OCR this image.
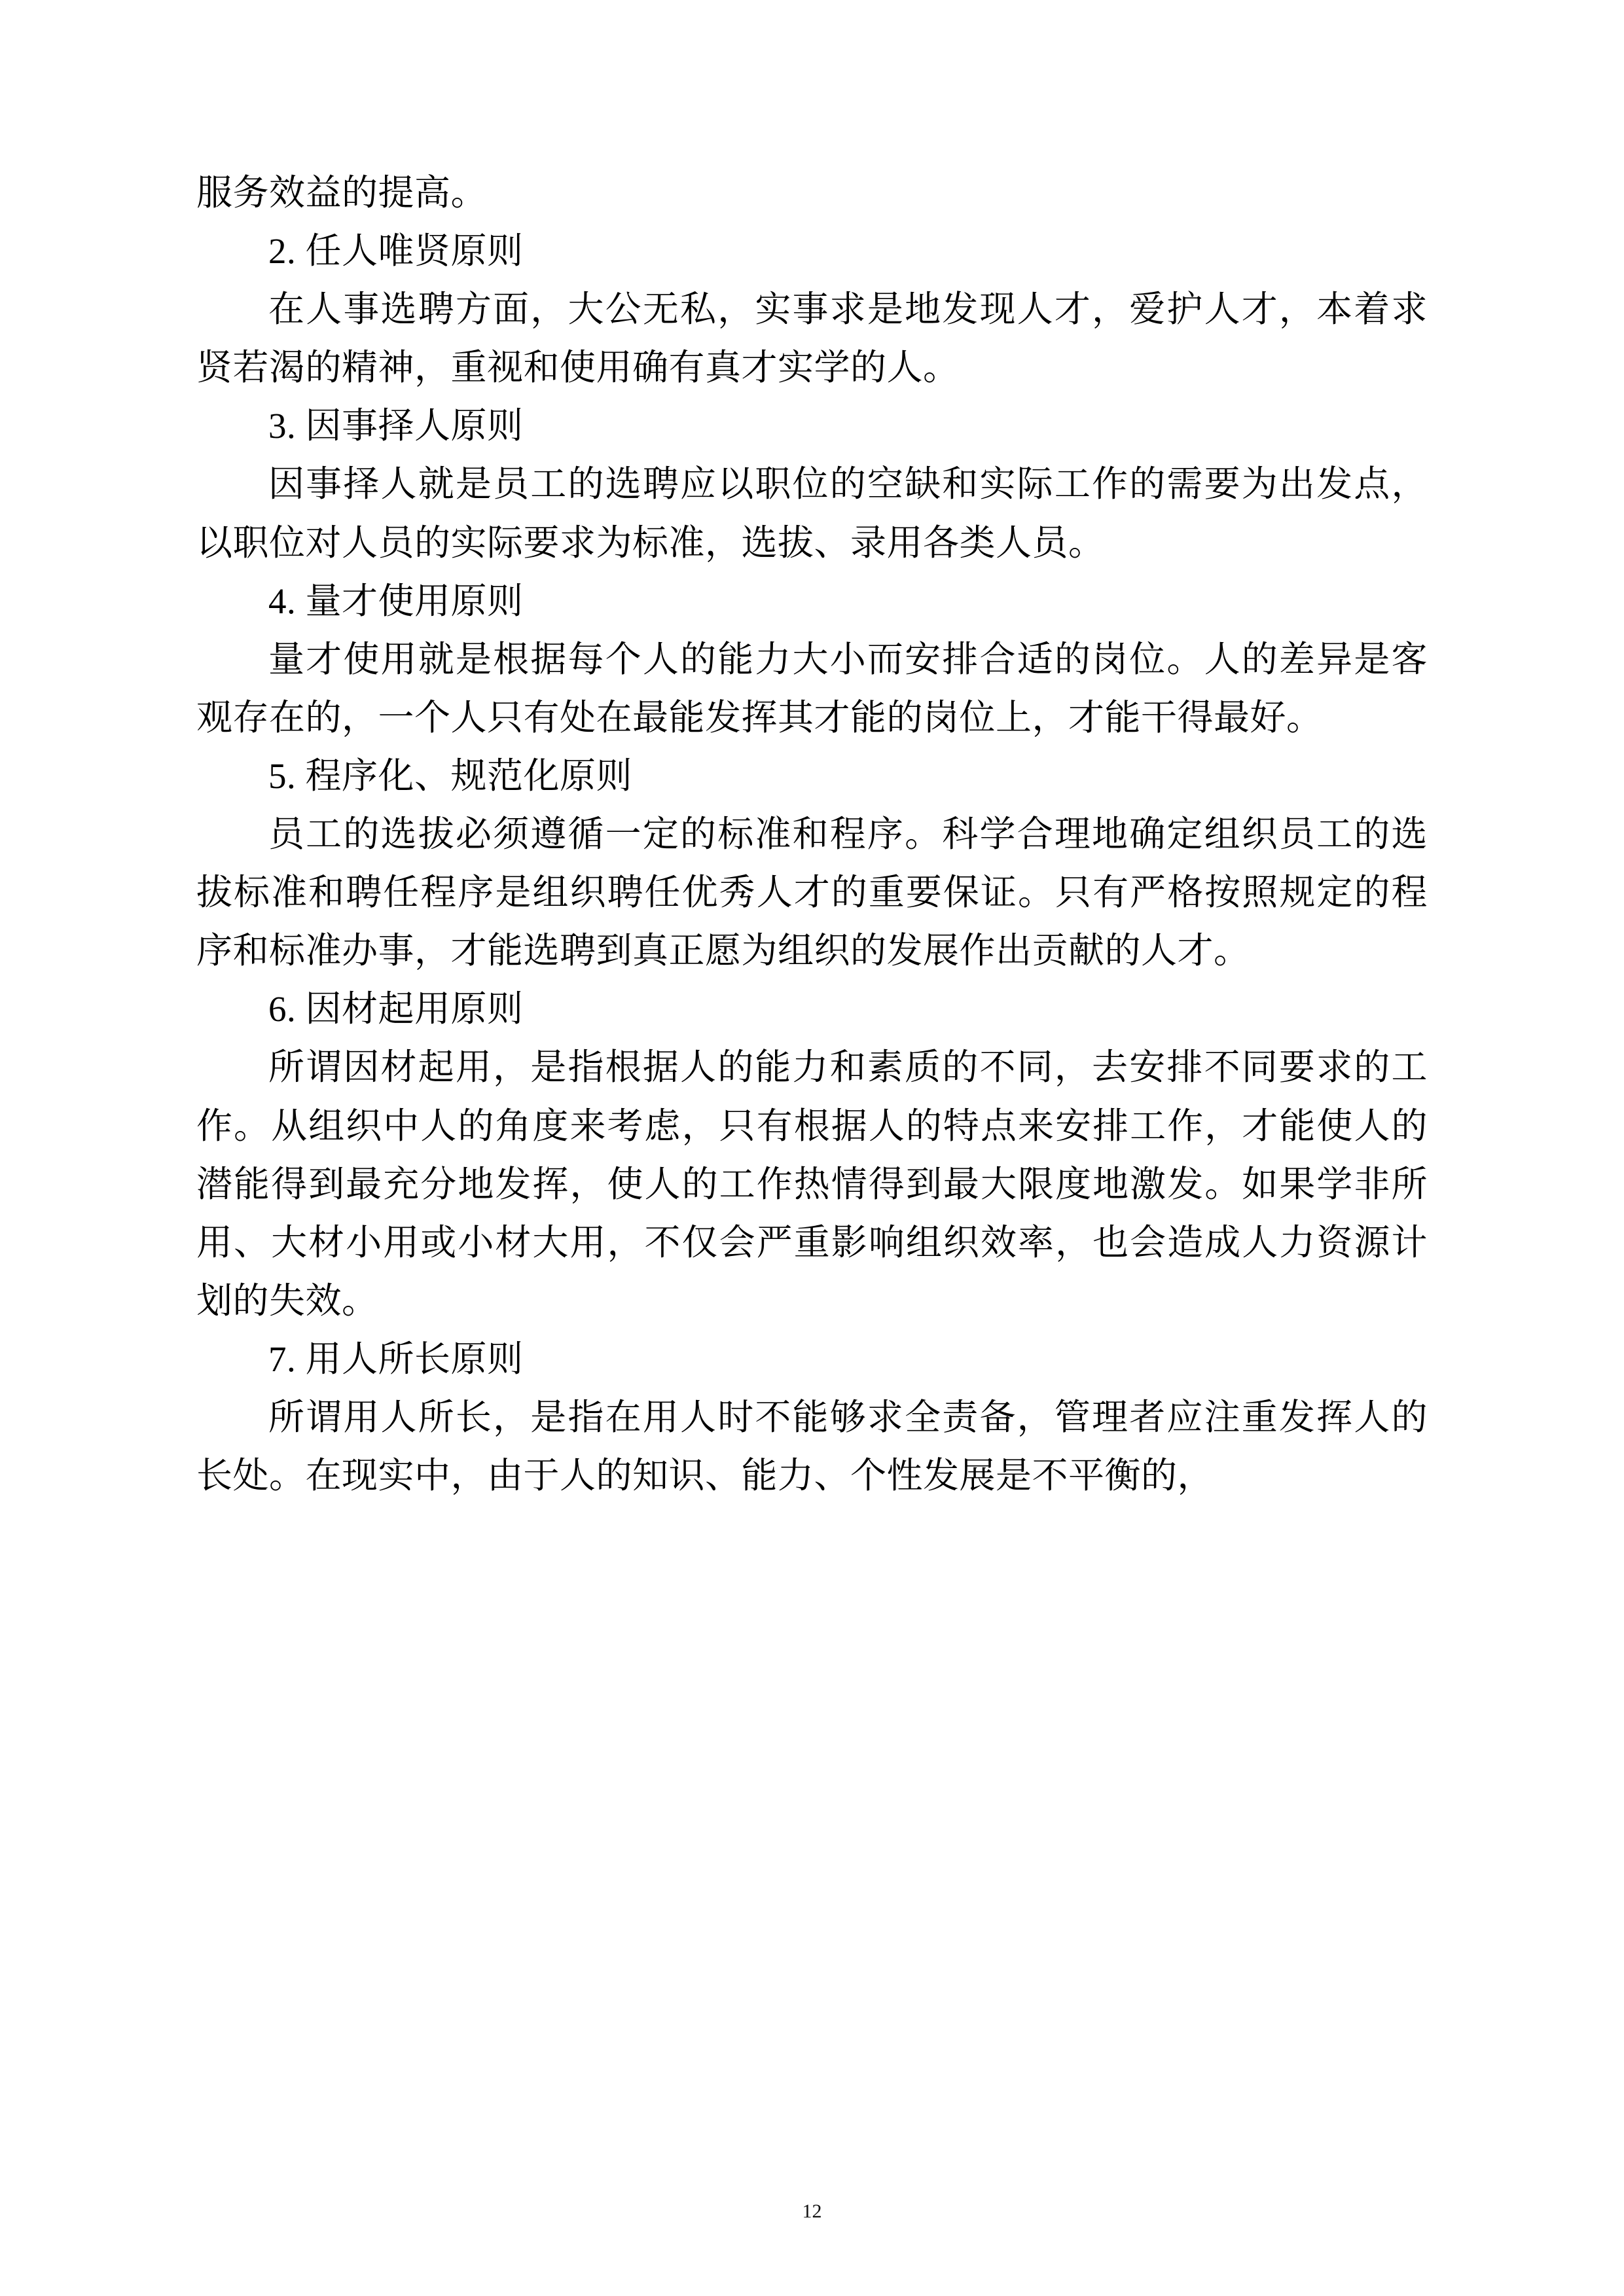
服务效益的提高。

2. 任人唯贤原则

在人事选聘方面，大公无私，实事求是地发现人才，爱护人才，本着求贤若渴的精神，重视和使用确有真才实学的人。

3. 因事择人原则

因事择人就是员工的选聘应以职位的空缺和实际工作的需要为出发点，以职位对人员的实际要求为标准，选拔、录用各类人员。

4. 量才使用原则

量才使用就是根据每个人的能力大小而安排合适的岗位。人的差异是客观存在的，一个人只有处在最能发挥其才能的岗位上，才能干得最好。

5. 程序化、规范化原则

员工的选拔必须遵循一定的标准和程序。科学合理地确定组织员工的选拔标准和聘任程序是组织聘任优秀人才的重要保证。只有严格按照规定的程序和标准办事，才能选聘到真正愿为组织的发展作出贡献的人才。

6. 因材起用原则

所谓因材起用，是指根据人的能力和素质的不同，去安排不同要求的工作。从组织中人的角度来考虑，只有根据人的特点来安排工作，才能使人的潜能得到最充分地发挥，使人的工作热情得到最大限度地激发。如果学非所用、大材小用或小材大用，不仅会严重影响组织效率，也会造成人力资源计划的失效。

7. 用人所长原则

所谓用人所长，是指在用人时不能够求全责备，管理者应注重发挥人的长处。在现实中，由于人的知识、能力、个性发展是不平衡的，

12
